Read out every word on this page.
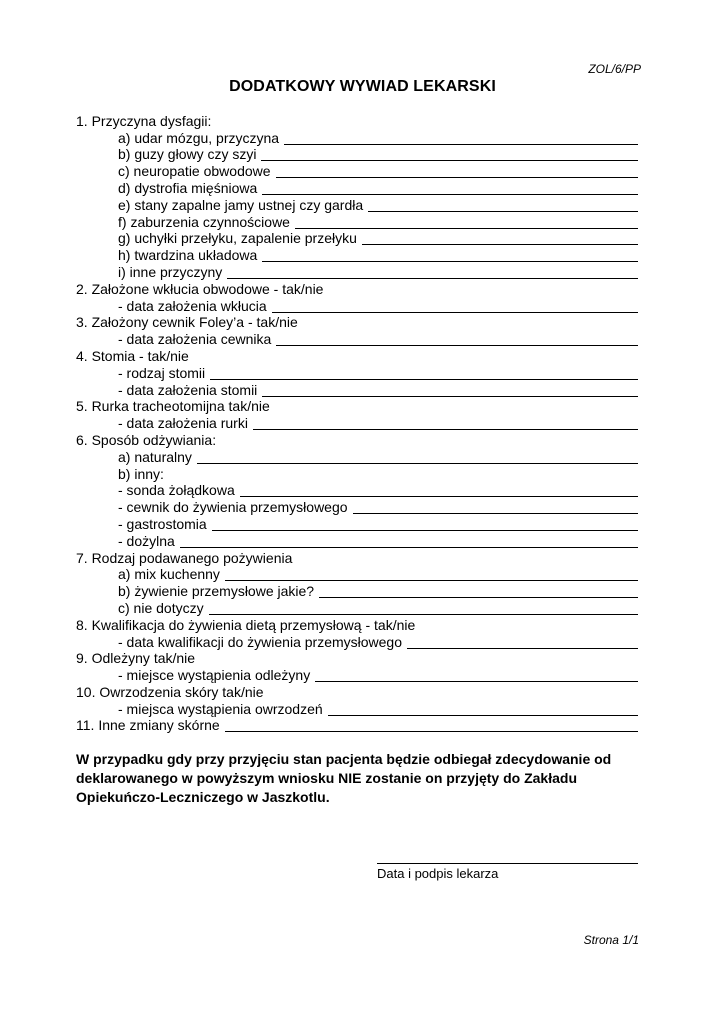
ZOL/6/PP
DODATKOWY WYWIAD LEKARSKI
1. Przyczyna dysfagii:
a) udar mózgu, przyczyna
b) guzy głowy czy szyi
c) neuropatie obwodowe
d) dystrofia mięśniowa
e) stany zapalne jamy ustnej czy gardła
f) zaburzenia czynnościowe
g) uchyłki przełyku, zapalenie przełyku
h) twardzina układowa
i) inne przyczyny
2. Założone wkłucia obwodowe - tak/nie
- data założenia wkłucia
3. Założony cewnik Foley’a - tak/nie
- data założenia cewnika
4. Stomia - tak/nie
- rodzaj stomii
- data założenia stomii
5. Rurka tracheotomijna tak/nie
- data założenia rurki
6. Sposób odżywiania:
a) naturalny
b) inny:
- sonda żołądkowa
- cewnik do żywienia przemysłowego
- gastrostomia
- dożylna
7. Rodzaj podawanego pożywienia
a) mix kuchenny
b) żywienie przemysłowe jakie?
c) nie dotyczy
8. Kwalifikacja do żywienia dietą przemysłową - tak/nie
- data kwalifikacji do żywienia przemysłowego
9. Odleżyny tak/nie
- miejsce wystąpienia odleżyny
10. Owrzodzenia skóry tak/nie
- miejsca wystąpienia owrzodzeń
11. Inne zmiany skórne
W przypadku gdy przy przyjęciu stan pacjenta będzie odbiegał zdecydowanie od deklarowanego w powyższym wniosku NIE zostanie on przyjęty do Zakładu Opiekuńczo-Leczniczego w Jaszkotlu.
Data i podpis lekarza
Strona 1/1
